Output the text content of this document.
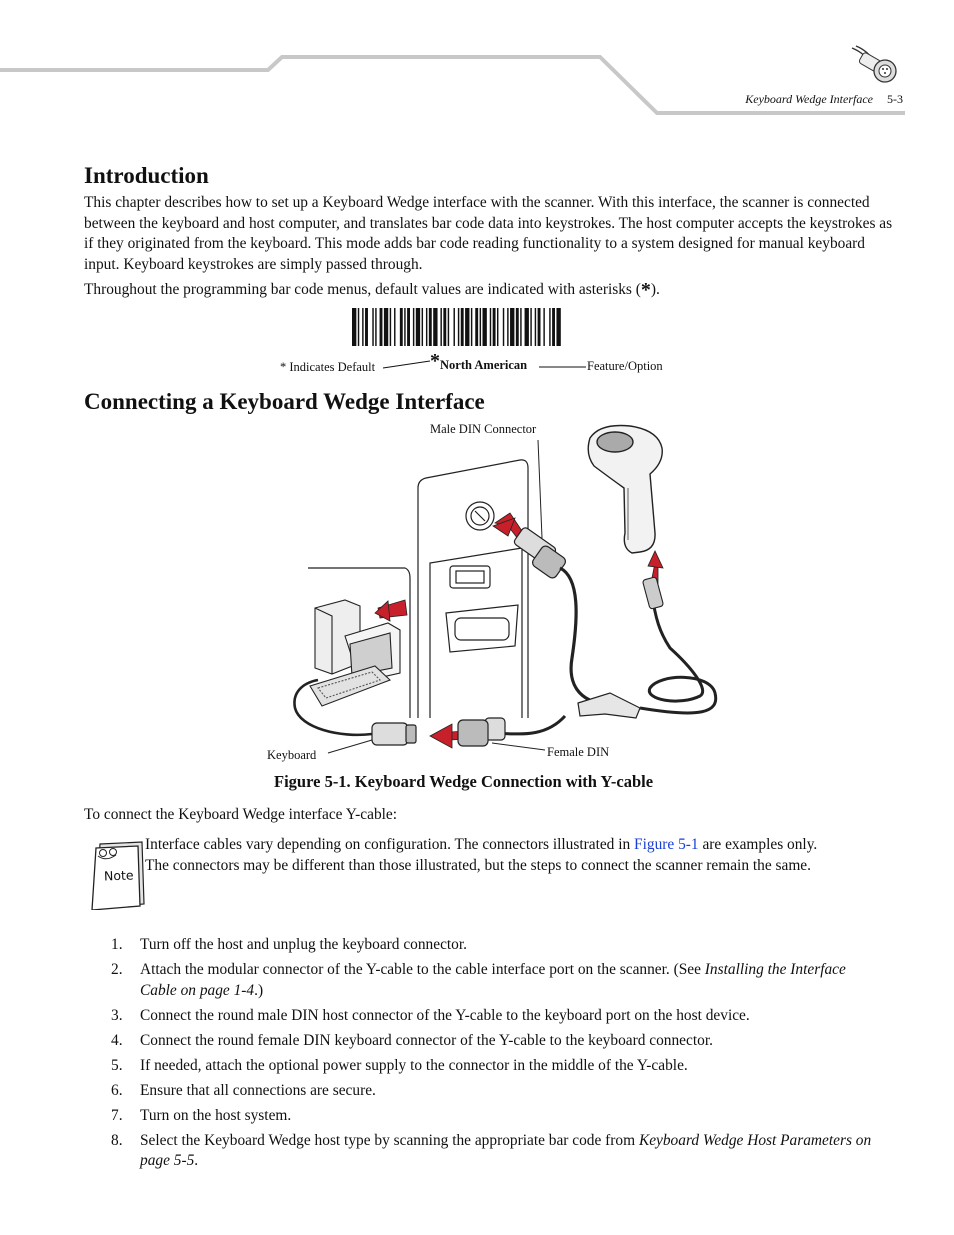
Keyboard Wedge Interface 5-3
Introduction

This chapter describes how to set up a Keyboard Wedge interface with the scanner. With this interface, the scanner is connected between the keyboard and host computer, and translates bar code data into keystrokes. The host computer accepts the keystrokes as if they originated from the keyboard. This mode adds bar code reading functionality to a system designed for manual keyboard input. Keyboard keystrokes are simply passed through.

Throughout the programming bar code menus, default values are indicated with asterisks (*).

* Indicates Default	* North American	Feature/Option
Connecting a Keyboard Wedge Interface
Male DIN Connector
Keyboard	Female DIN
Figure 5-1. Keyboard Wedge Connection with Y-cable

To connect the Keyboard Wedge interface Y-cable:

Note

Interface cables vary depending on configuration. The connectors illustrated in Figure 5-1 are examples only. The connectors may be different than those illustrated, but the steps to connect the scanner remain the same.

1. Turn off the host and unplug the keyboard connector.
2. Attach the modular connector of the Y-cable to the cable interface port on the scanner. (See Installing the Interface Cable on page 1-4.)
3. Connect the round male DIN host connector of the Y-cable to the keyboard port on the host device.
4. Connect the round female DIN keyboard connector of the Y-cable to the keyboard connector.
5. If needed, attach the optional power supply to the connector in the middle of the Y-cable.
6. Ensure that all connections are secure.
7. Turn on the host system.
8. Select the Keyboard Wedge host type by scanning the appropriate bar code from Keyboard Wedge Host Parameters on page 5-5.
